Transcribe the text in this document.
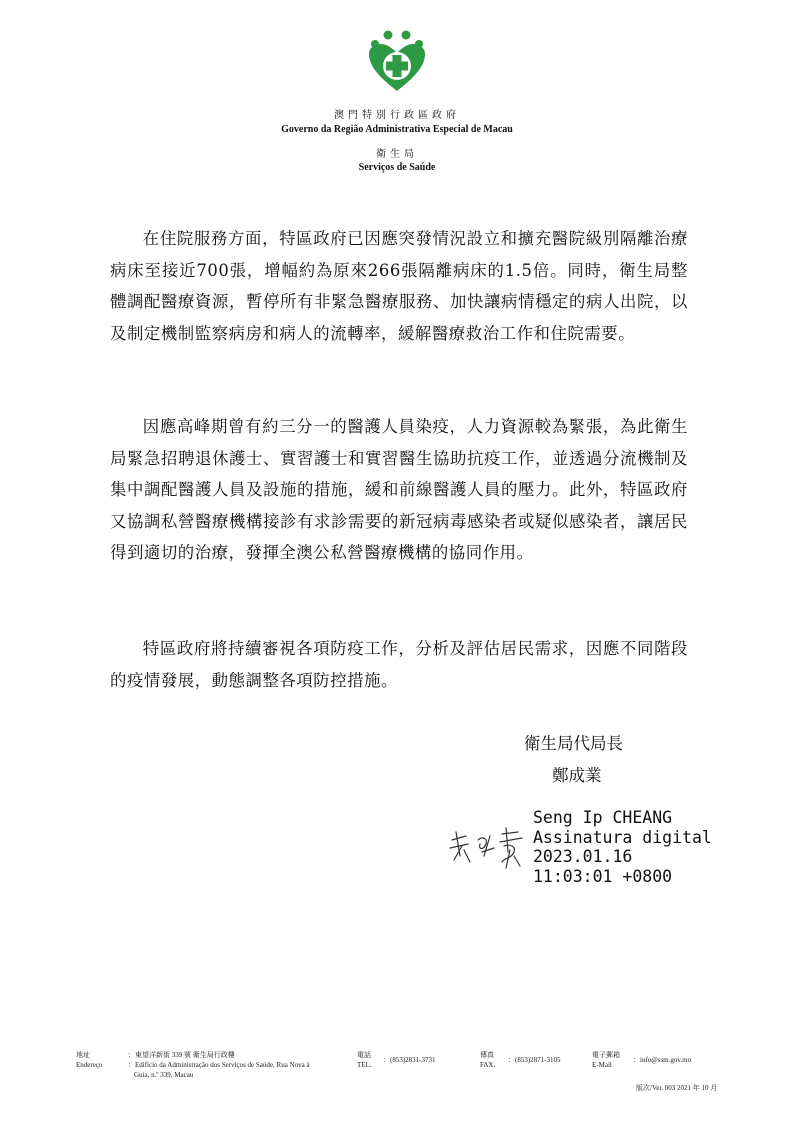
澳門特別行政區政府
Governo da Região Administrativa Especial de Macau
衛生局
Serviços de Saúde

在住院服務方面，特區政府已因應突發情況設立和擴充醫院級別隔離治療病床至接近700張，增幅約為原來266張隔離病床的1.5倍。同時，衛生局整體調配醫療資源，暫停所有非緊急醫療服務、加快讓病情穩定的病人出院，以及制定機制監察病房和病人的流轉率，緩解醫療救治工作和住院需要。

因應高峰期曾有約三分一的醫護人員染疫，人力資源較為緊張，為此衛生局緊急招聘退休護士、實習護士和實習醫生協助抗疫工作，並透過分流機制及集中調配醫護人員及設施的措施，緩和前線醫護人員的壓力。此外，特區政府又協調私營醫療機構接診有求診需要的新冠病毒感染者或疑似感染者，讓居民得到適切的治療，發揮全澳公私營醫療機構的協同作用。

特區政府將持續審視各項防疫工作，分析及評估居民需求，因應不同階段的疫情發展，動態調整各項防控措施。

衛生局代局長
鄭成業
Seng Ip CHEANG
Assinatura digital
2023.01.16
11:03:01 +0800
地址
Endereço
：東望洋新街 339 號 衛生局行政樓
：Edifício da Administração dos Serviços de Saúde, Rua Nova à
Guia, n.º 339, Macau
電話
TEL.
：(853)2831-3731
傳真
FAX.
：(853)2871-3105
電子郵箱
E-Mail
：info@ssm.gov.mo
版次/Ver. 003 2021 年 10 月
